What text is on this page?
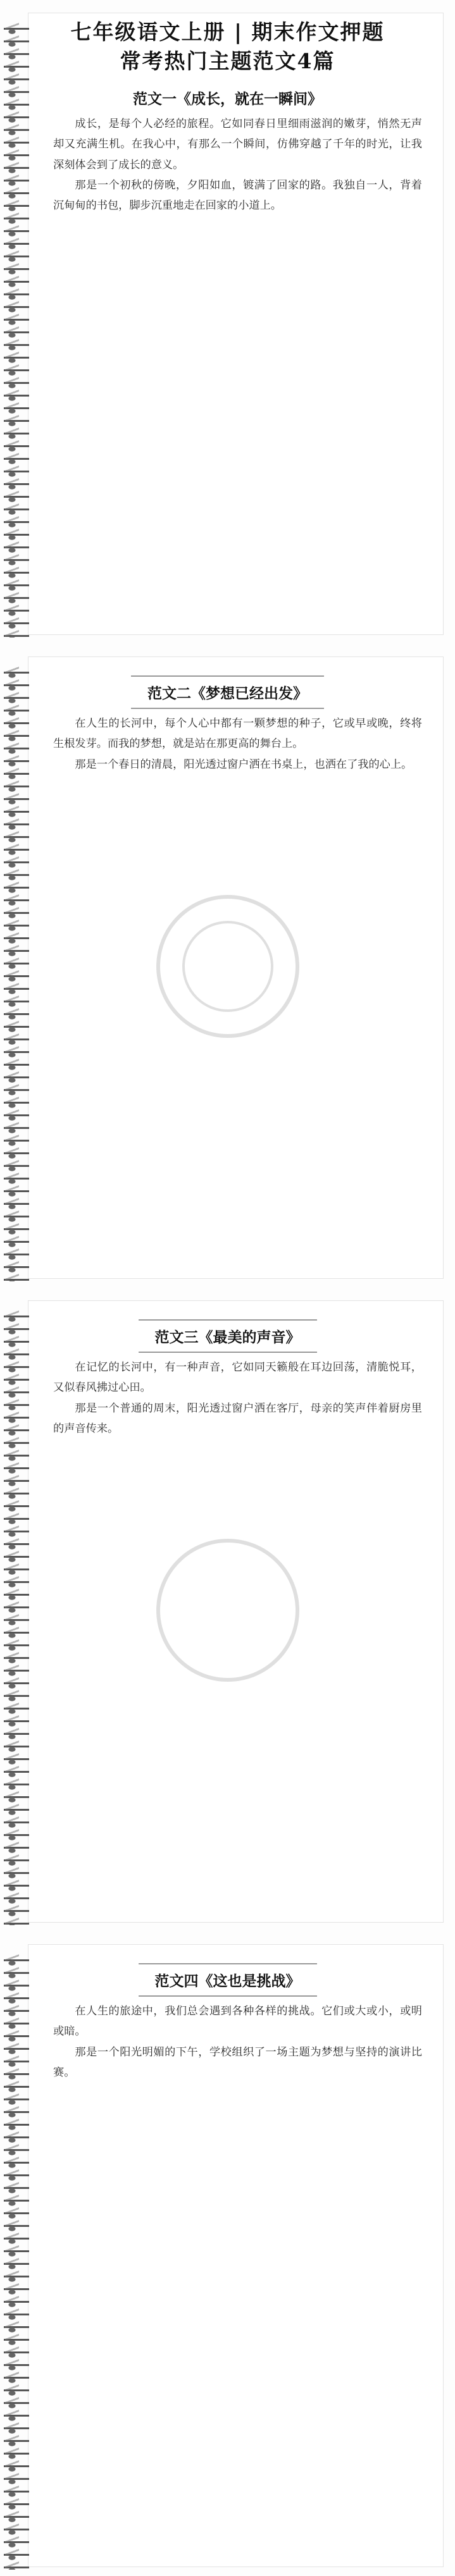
七年级语文上册 | 期末作文押题
常考热门主题范文4篇
范文一《成长，就在一瞬间》

成长，是每个人必经的旅程。它如同春日里细雨滋润的嫩芽，悄然无声却又充满生机。在我心中，有那么一个瞬间，仿佛穿越了千年的时光，让我深刻体会到了成长的意义。

那是一个初秋的傍晚，夕阳如血，镀满了回家的路。我独自一人，背着沉甸甸的书包，脚步沉重地走在回家的小道上。

范文二《梦想已经出发》

在人生的长河中，每个人心中都有一颗梦想的种子，它或早或晚，终将生根发芽。而我的梦想，就是站在那更高的舞台上。

那是一个春日的清晨，阳光透过窗户洒在书桌上，也洒在了我的心上。

范文三《最美的声音》

在记忆的长河中，有一种声音，它如同天籁般在耳边回荡，清脆悦耳，又似春风拂过心田。

那是一个普通的周末，阳光透过窗户洒在客厅，母亲的笑声伴着厨房里的声音传来。

范文四《这也是挑战》

在人生的旅途中，我们总会遇到各种各样的挑战。它们或大或小，或明或暗。

那是一个阳光明媚的下午，学校组织了一场主题为梦想与坚持的演讲比赛。
